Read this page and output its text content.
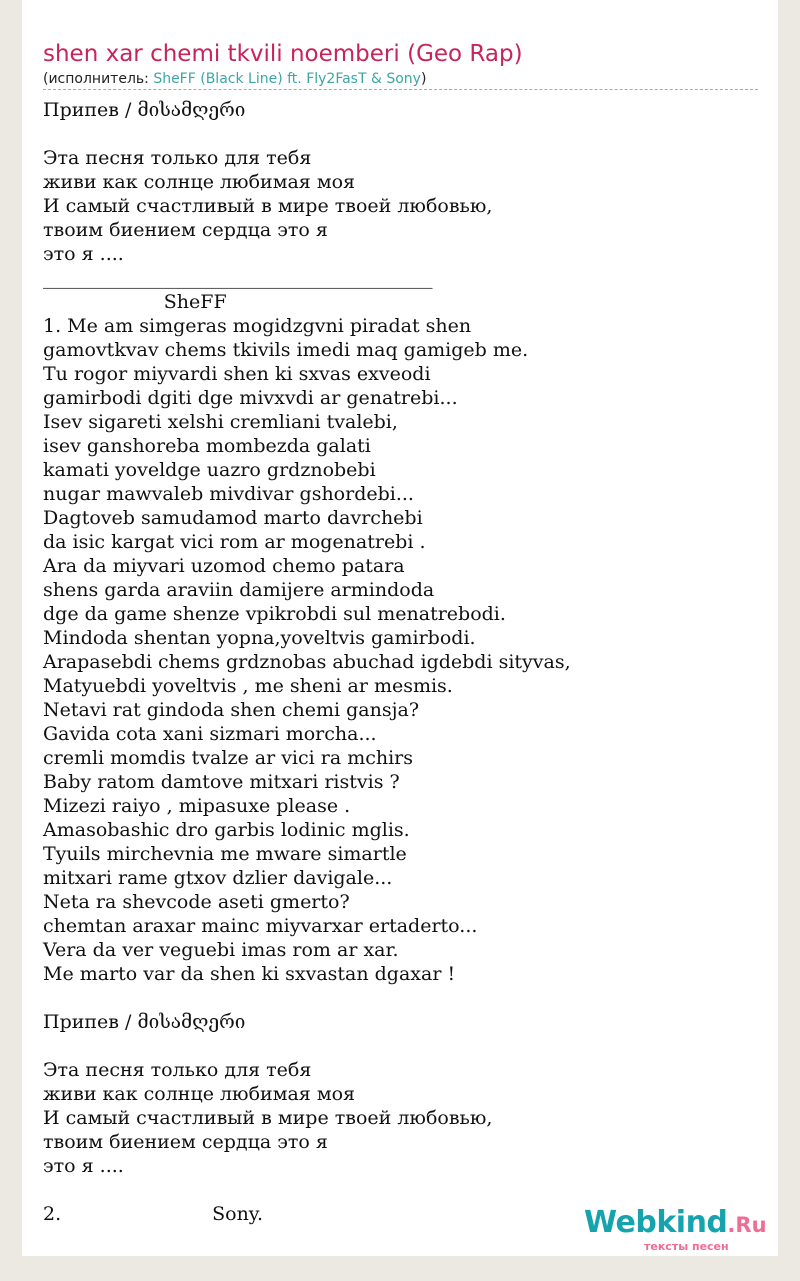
shen xar chemi tkvili noemberi (Geo Rap)
(исполнитель: SheFF (Black Line) ft. Fly2FasT & Sony)
Припев / მისამღერი
Эта песня только для тебя
живи как солнце любимая моя
И самый счастливый в мире твоей любовью,
твоим биением сердца это я
это я ....
_________________________________________
SheFF
1. Me am simgeras mogidzgvni piradat shen
gamovtkvav chems tkivils imedi maq gamigeb me.
Tu rogor miyvardi shen ki sxvas exveodi
gamirbodi dgiti dge mivxvdi ar genatrebi...
Isev sigareti xelshi cremliani tvalebi,
isev ganshoreba mombezda galati
kamati yoveldge uazro grdznobebi
nugar mawvaleb mivdivar gshordebi...
Dagtoveb samudamod marto davrchebi
da isic kargat vici rom ar mogenatrebi .
Ara da miyvari uzomod chemo patara
shens garda araviin damijere armindoda
dge da game shenze vpikrobdi sul menatrebodi.
Mindoda shentan yopna,yoveltvis gamirbodi.
Arapasebdi chems grdznobas abuchad igdebdi sityvas,
Matyuebdi yoveltvis , me sheni ar mesmis.
Netavi rat gindoda shen chemi gansja?
Gavida cota xani sizmari morcha...
cremli momdis tvalze ar vici ra mchirs
Baby ratom damtove mitxari ristvis ?
Mizezi raiyo , mipasuxe please .
Amasobashic dro garbis lodinic mglis.
Tyuils mirchevnia me mware simartle
mitxari rame gtxov dzlier davigale...
Neta ra shevcode aseti gmerto?
chemtan araxar mainc miyvarxar ertaderto...
Vera da ver veguebi imas rom ar xar.
Me marto var da shen ki sxvastan dgaxar !
Припев / მისამღერი
Эта песня только для тебя
живи как солнце любимая моя
И самый счастливый в мире твоей любовью,
твоим биением сердца это я
это я ....
2.                         Sony.	Webkind.Ru
тексты песен
